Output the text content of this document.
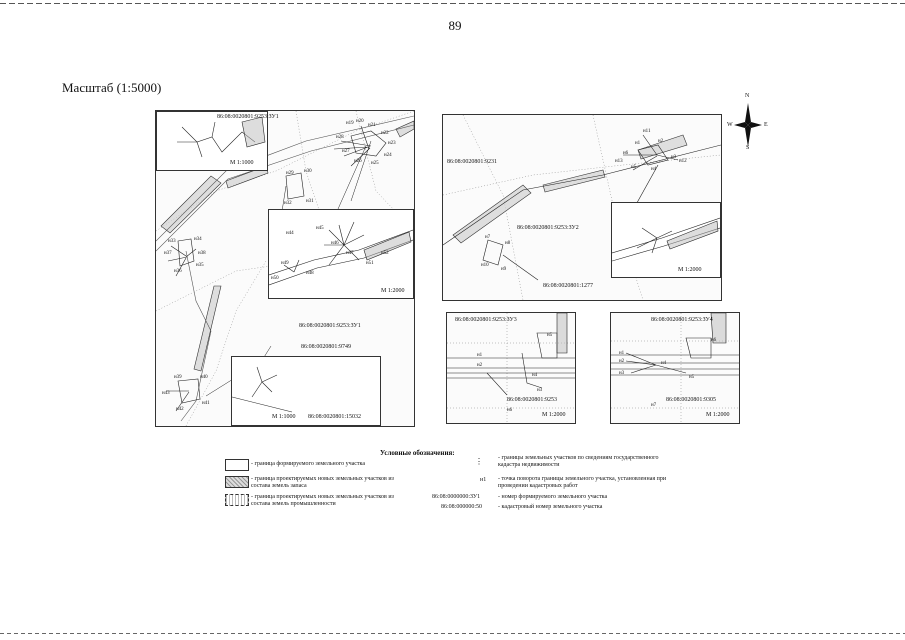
89
Масштаб (1:5000)
86:08:0020801:9253:ЗУ1
М 1:1000
М 1:2000
86:08:0020801:9253:ЗУ1
86:08:0020801:9749
М 1:1000 86:08:0020801:15032
н19 н20
н21
н22
н23
н24
н25
н26
н27
н28
н29 н30
н31
н32
н33	н34
н35
н36
н37	н38
н39	н40
н41
н42
н43
н44
н45
н46
н47
н48
н49
н50
н51
н52
86:08:0020801:9231
86:08:0020801:9253:ЗУ2
86:08:0020801:1277
М 1:2000
н1	н2
н3
н4
н5
н6
н7
н8
н9
н10
н11
н12
н13
N
S
W	E
86:08:0020801:9253:ЗУ3
86:08:0020801:9253
М 1:2000
н1
н2
н3
н4
н5
н6
86:08:0020801:9253:ЗУ4
86:08:0020801:9305
М 1:2000
н1
н2
н3
н4
н5
н6
н7
Условные обозначения:
- граница формируемого земельного участка
- граница проектируемых новых земельных участков из состава земель запаса
- граница проектируемых новых земельных участков из состава земель промышленности
⋮	- границы земельных участков по сведениям государственного кадастра недвижимости
н1 - точка поворота границы земельного участка, установленная при проведении кадастровых работ
86:08:0000000:ЗУ1	- номер формируемого земельного участка
86:08:000000:50	- кадастровый номер земельного участка
